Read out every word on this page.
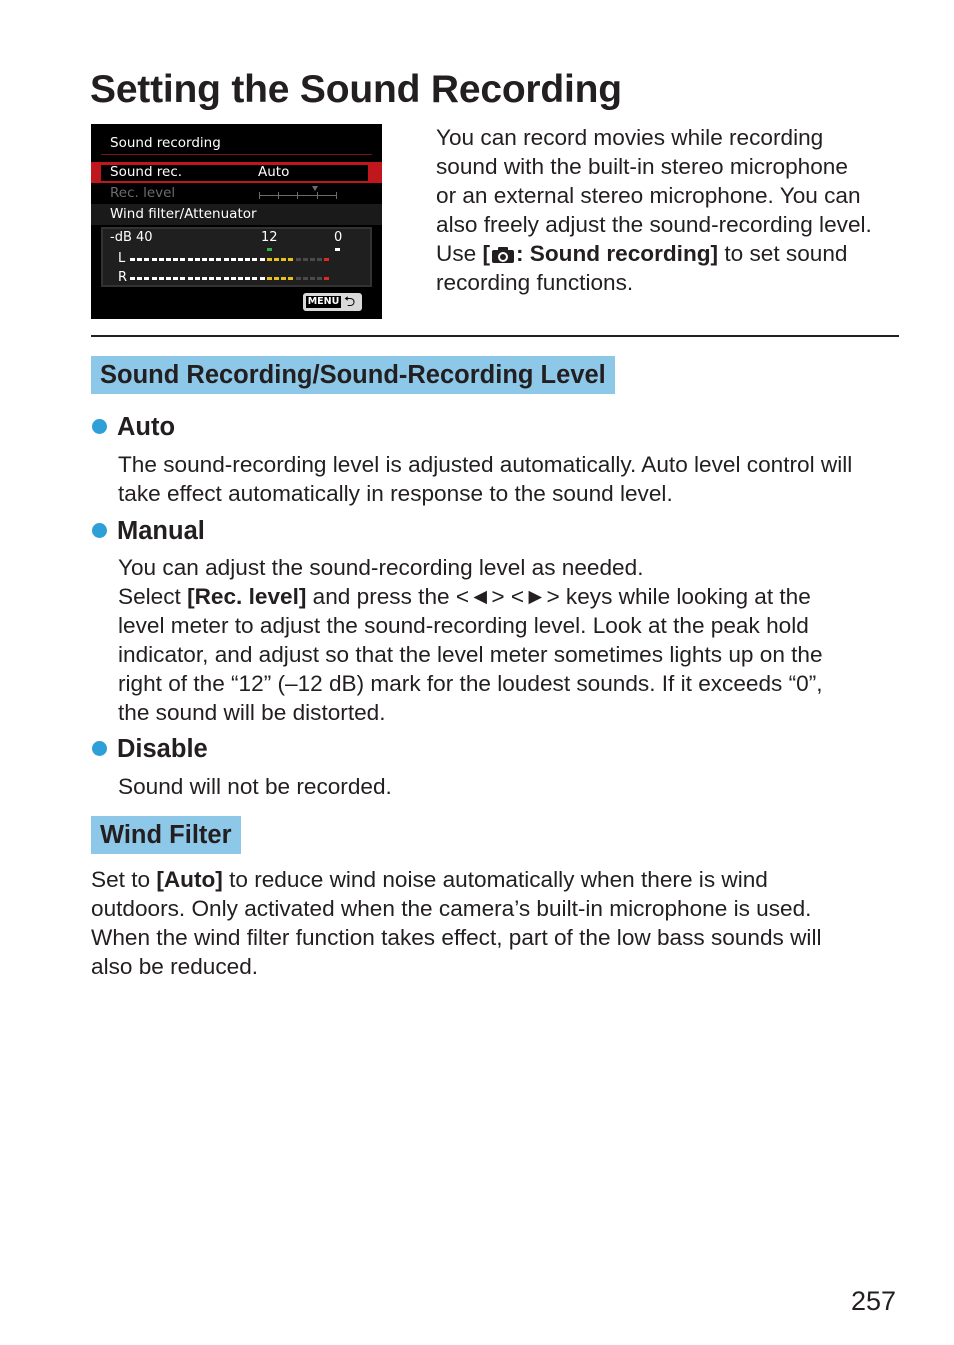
Setting the Sound Recording
Sound recording
Sound rec.	Auto
Rec. level
Wind filter/Attenuator
-dB 40	12	0
L
R
MENU ⮌
You can record movies while recording
sound with the built-in stereo microphone
or an external stereo microphone. You can
also freely adjust the sound-recording level.
Use [ : Sound recording] to set sound
recording functions.
Sound Recording/Sound-Recording Level
Auto
The sound-recording level is adjusted automatically. Auto level control will
take effect automatically in response to the sound level.
Manual
You can adjust the sound-recording level as needed.
Select [Rec. level] and press the <◄> <►> keys while looking at the
level meter to adjust the sound-recording level. Look at the peak hold
indicator, and adjust so that the level meter sometimes lights up on the
right of the “12” (–12 dB) mark for the loudest sounds. If it exceeds “0”,
the sound will be distorted.
Disable
Sound will not be recorded.
Wind Filter
Set to [Auto] to reduce wind noise automatically when there is wind
outdoors. Only activated when the camera’s built-in microphone is used.
When the wind filter function takes effect, part of the low bass sounds will
also be reduced.
257
